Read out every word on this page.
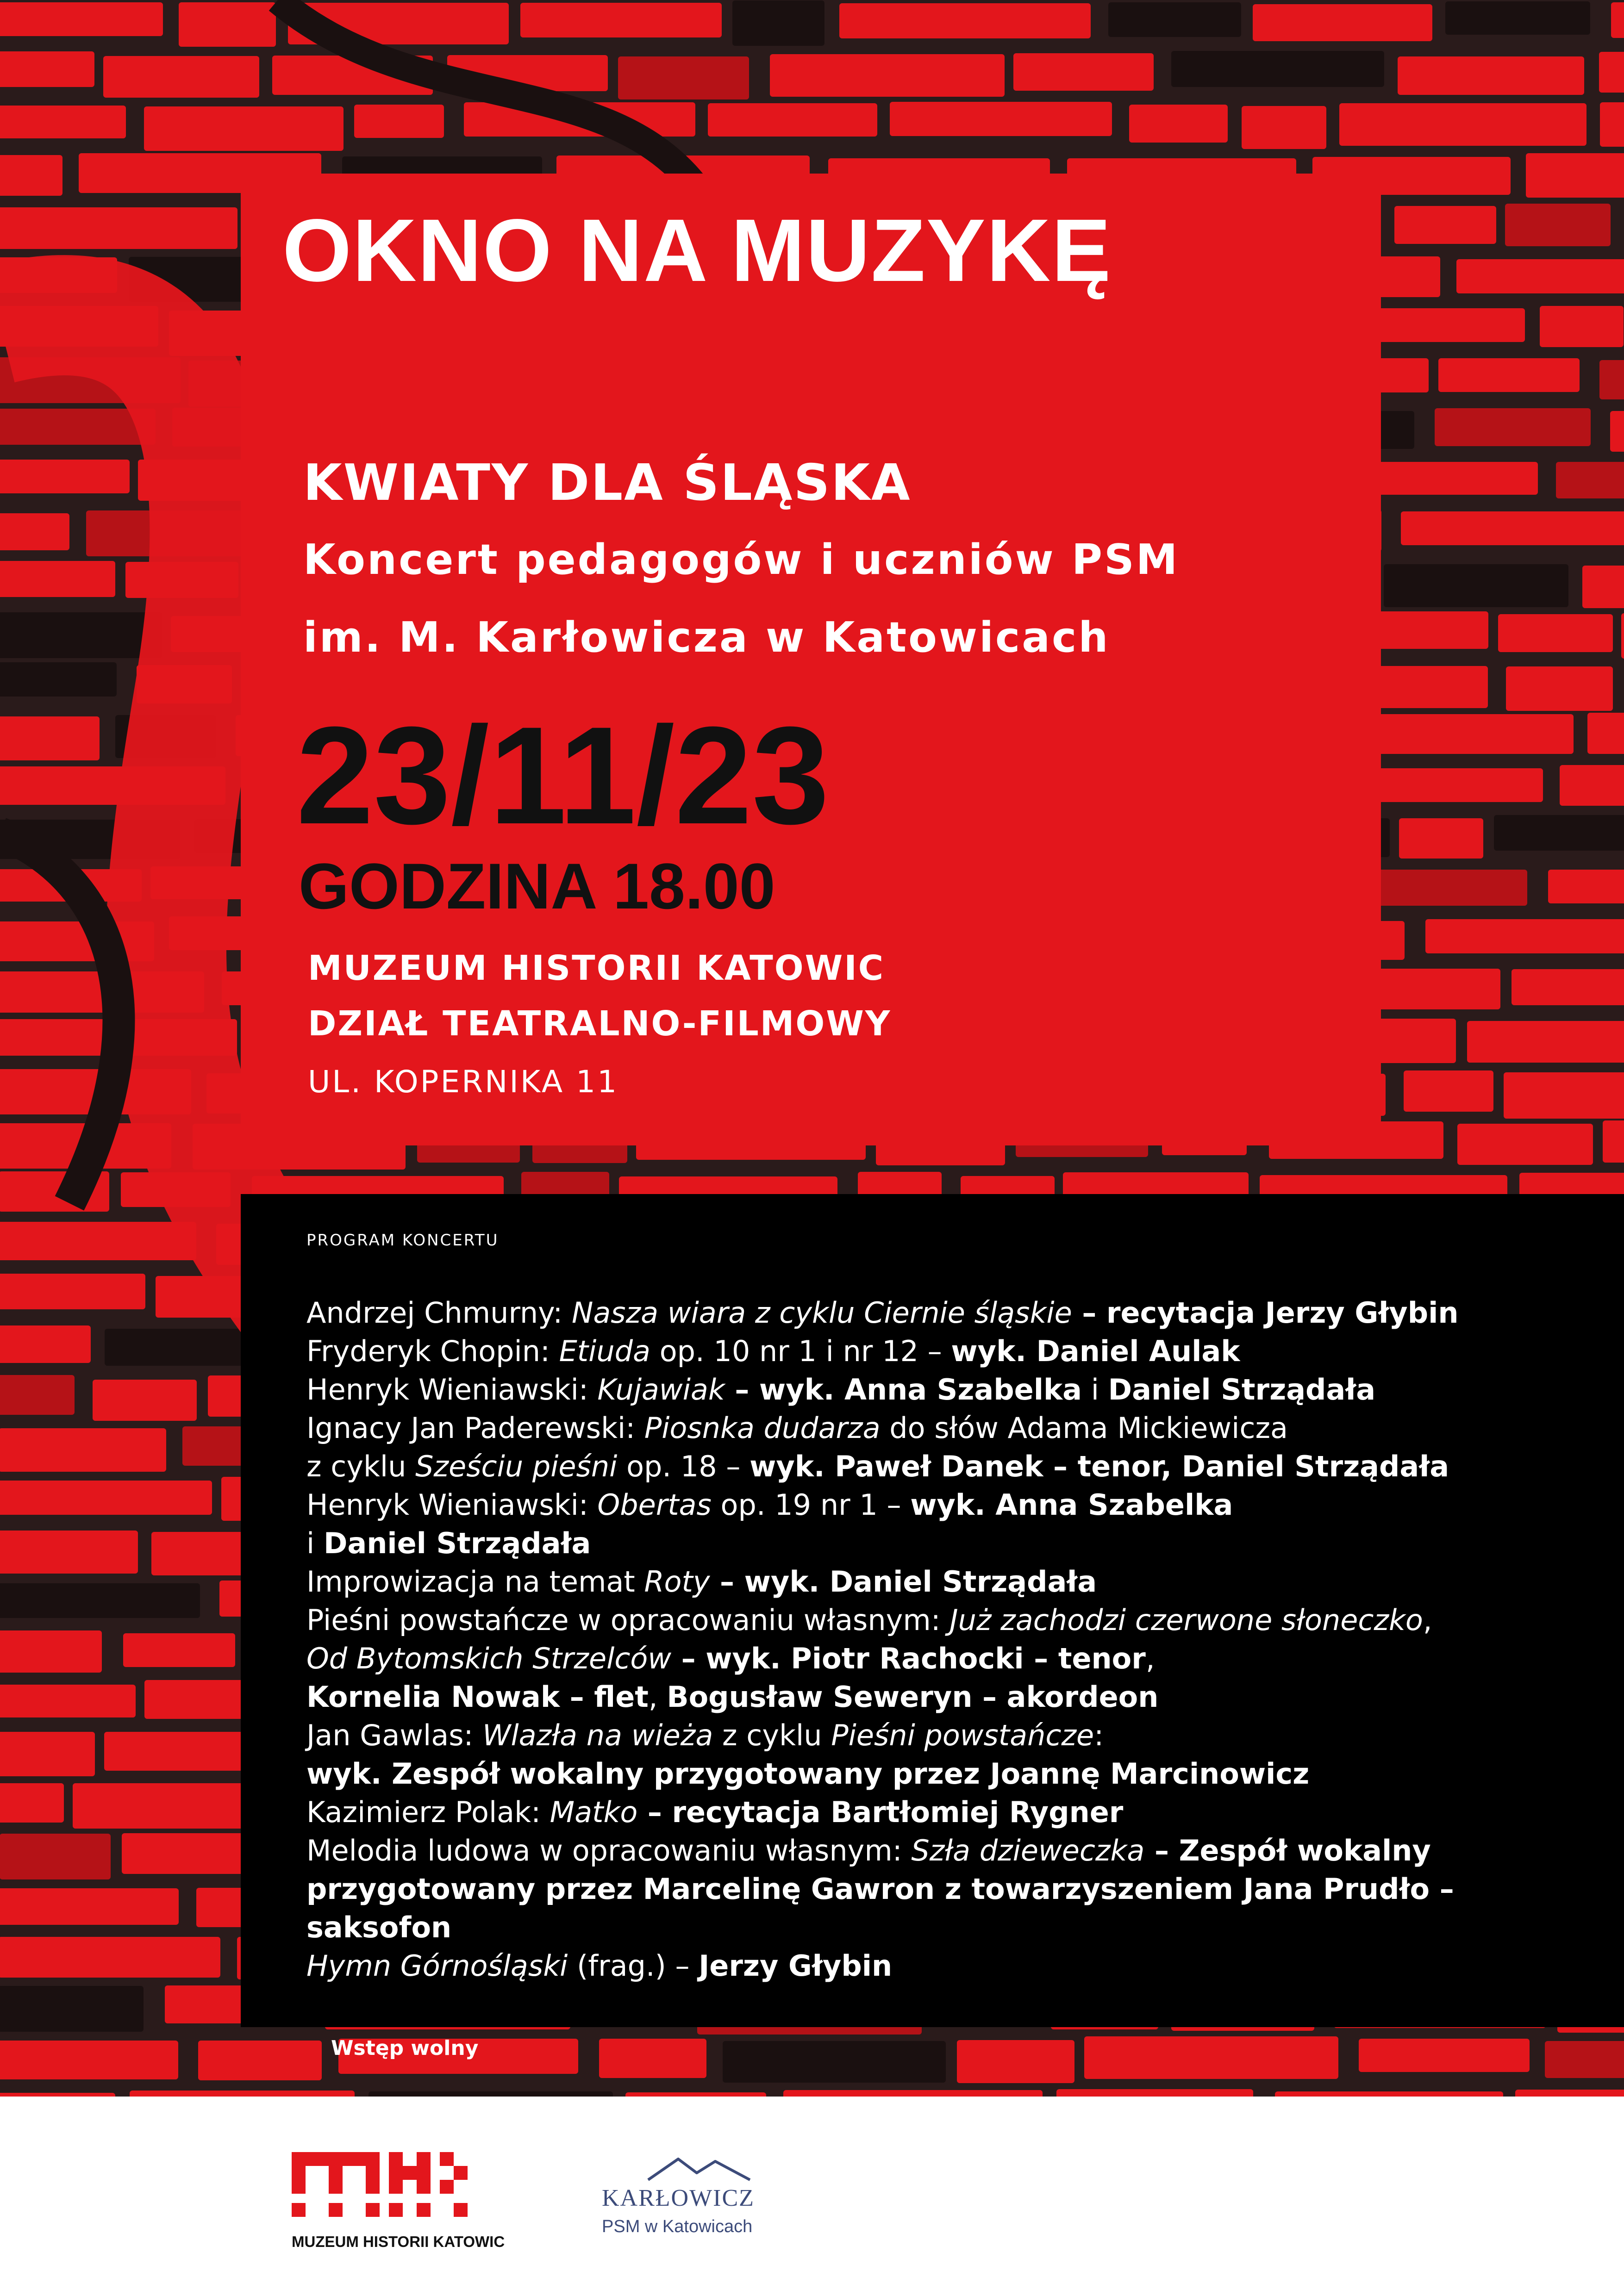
OKNO NA MUZYKĘ

KWIATY DLA ŚLĄSKA

Koncert pedagogów i uczniów PSM

im. M. Karłowicza w Katowicach

23/11/23

GODZINA 18.00

MUZEUM HISTORII KATOWIC

DZIAŁ TEATRALNO-FILMOWY

UL. KOPERNIKA 11

PROGRAM KONCERTU

Andrzej Chmurny: Nasza wiara z cyklu Ciernie śląskie – recytacja Jerzy Głybin
Fryderyk Chopin: Etiuda op. 10 nr 1 i nr 12 – wyk. Daniel Aulak
Henryk Wieniawski: Kujawiak – wyk. Anna Szabelka i Daniel Strządała
Ignacy Jan Paderewski: Piosnka dudarza do słów Adama Mickiewicza
z cyklu Sześciu pieśni op. 18 – wyk. Paweł Danek – tenor, Daniel Strządała
Henryk Wieniawski: Obertas op. 19 nr 1 – wyk. Anna Szabelka
i Daniel Strządała
Improwizacja na temat Roty – wyk. Daniel Strządała
Pieśni powstańcze w opracowaniu własnym: Już zachodzi czerwone słoneczko,
Od Bytomskich Strzelców – wyk. Piotr Rachocki – tenor,
Kornelia Nowak – flet, Bogusław Seweryn – akordeon
Jan Gawlas: Wlazła na wieża z cyklu Pieśni powstańcze:
wyk. Zespół wokalny przygotowany przez Joannę Marcinowicz
Kazimierz Polak: Matko – recytacja Bartłomiej Rygner
Melodia ludowa w opracowaniu własnym: Szła dzieweczka – Zespół wokalny
przygotowany przez Marcelinę Gawron z towarzyszeniem Jana Prudło –
saksofon
Hymn Górnośląski (frag.) – Jerzy Głybin

Wstęp wolny

MUZEUM HISTORII KATOWIC

KARŁOWICZ

PSM w Katowicach
